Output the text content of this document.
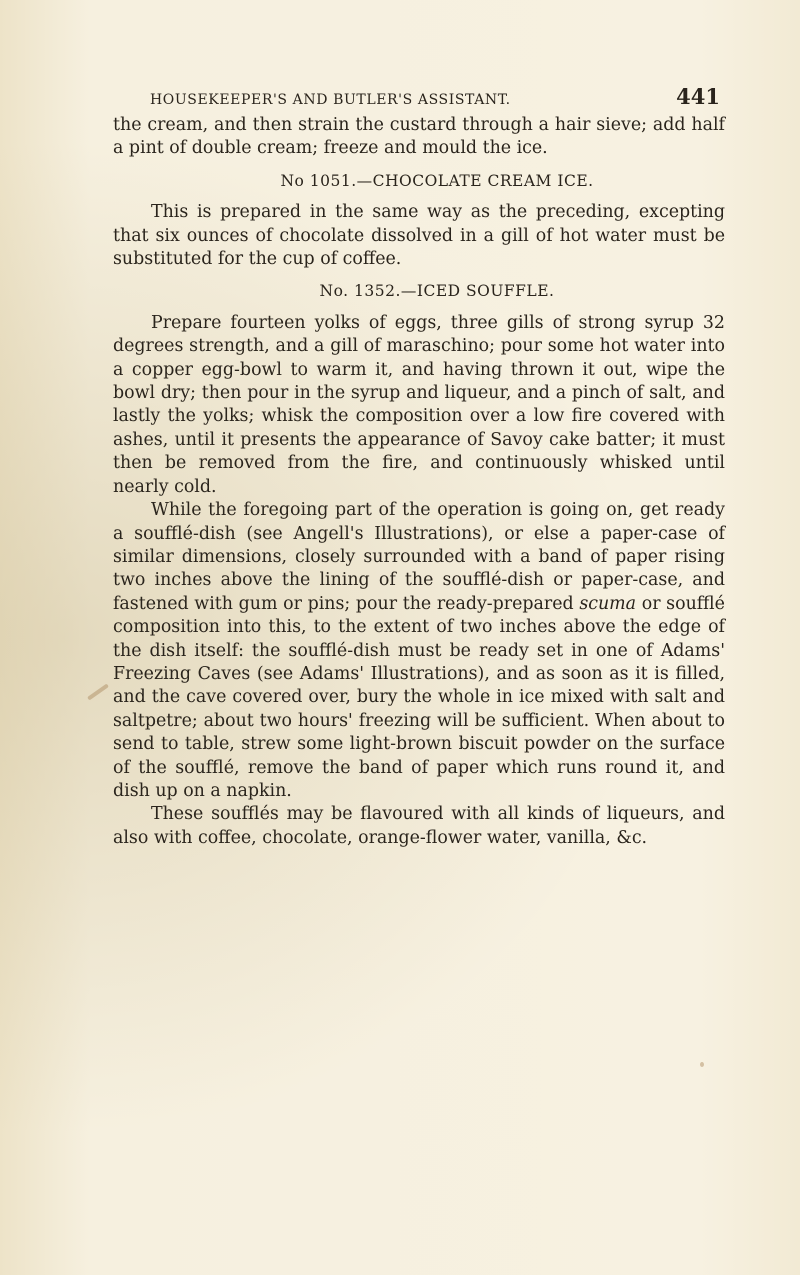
HOUSEKEEPER'S AND BUTLER'S ASSISTANT.	441

the cream, and then strain the custard through a hair sieve; add half a pint of double cream; freeze and mould the ice.

No 1051.—CHOCOLATE CREAM ICE.

This is prepared in the same way as the preceding, excepting that six ounces of chocolate dissolved in a gill of hot water must be substituted for the cup of coffee.

No. 1352.—ICED SOUFFLE.

Prepare fourteen yolks of eggs, three gills of strong syrup 32 degrees strength, and a gill of maraschino; pour some hot water into a copper egg-bowl to warm it, and having thrown it out, wipe the bowl dry; then pour in the syrup and liqueur, and a pinch of salt, and lastly the yolks; whisk the composition over a low fire covered with ashes, until it presents the appearance of Savoy cake batter; it must then be removed from the fire, and continuously whisked until nearly cold.

While the foregoing part of the operation is going on, get ready a soufflé-dish (see Angell's Illustrations), or else a paper-case of similar dimensions, closely surrounded with a band of paper rising two inches above the lining of the soufflé-dish or paper-case, and fastened with gum or pins; pour the ready-prepared scuma or soufflé composition into this, to the extent of two inches above the edge of the dish itself: the soufflé-dish must be ready set in one of Adams' Freezing Caves (see Adams' Illustrations), and as soon as it is filled, and the cave covered over, bury the whole in ice mixed with salt and saltpetre; about two hours' freezing will be sufficient. When about to send to table, strew some light-brown biscuit powder on the surface of the soufflé, remove the band of paper which runs round it, and dish up on a napkin.

These soufflés may be flavoured with all kinds of liqueurs, and also with coffee, chocolate, orange-flower water, vanilla, &c.
